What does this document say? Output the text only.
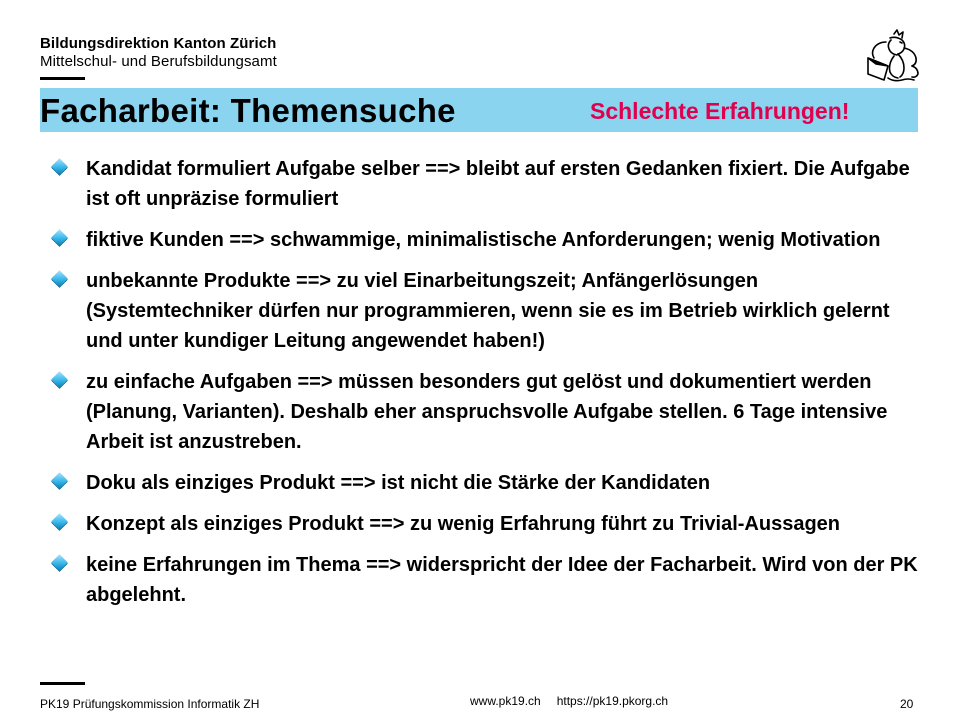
Bildungsdirektion Kanton Zürich
Mittelschul- und Berufsbildungsamt
Facharbeit: Themensuche	Schlechte Erfahrungen!
Kandidat formuliert Aufgabe selber ==> bleibt auf ersten Gedanken fixiert. Die Aufgabe ist oft unpräzise formuliert
fiktive Kunden ==> schwammige, minimalistische Anforderungen; wenig Motivation
unbekannte Produkte ==> zu viel Einarbeitungszeit; Anfängerlösungen (Systemtechniker dürfen nur programmieren, wenn sie es im Betrieb wirklich gelernt und unter kundiger Leitung angewendet haben!)
zu einfache Aufgaben ==> müssen besonders gut gelöst und dokumentiert werden (Planung, Varianten). Deshalb eher anspruchsvolle Aufgabe stellen. 6 Tage intensive Arbeit ist anzustreben.
Doku als einziges Produkt ==> ist nicht die Stärke der Kandidaten
Konzept als einziges Produkt ==> zu wenig Erfahrung führt zu Trivial-Aussagen
keine Erfahrungen im Thema ==> widerspricht der Idee der Facharbeit. Wird von der PK abgelehnt.
PK19 Prüfungskommission Informatik ZH	www.pk19.ch https://pk19.pkorg.ch	20
